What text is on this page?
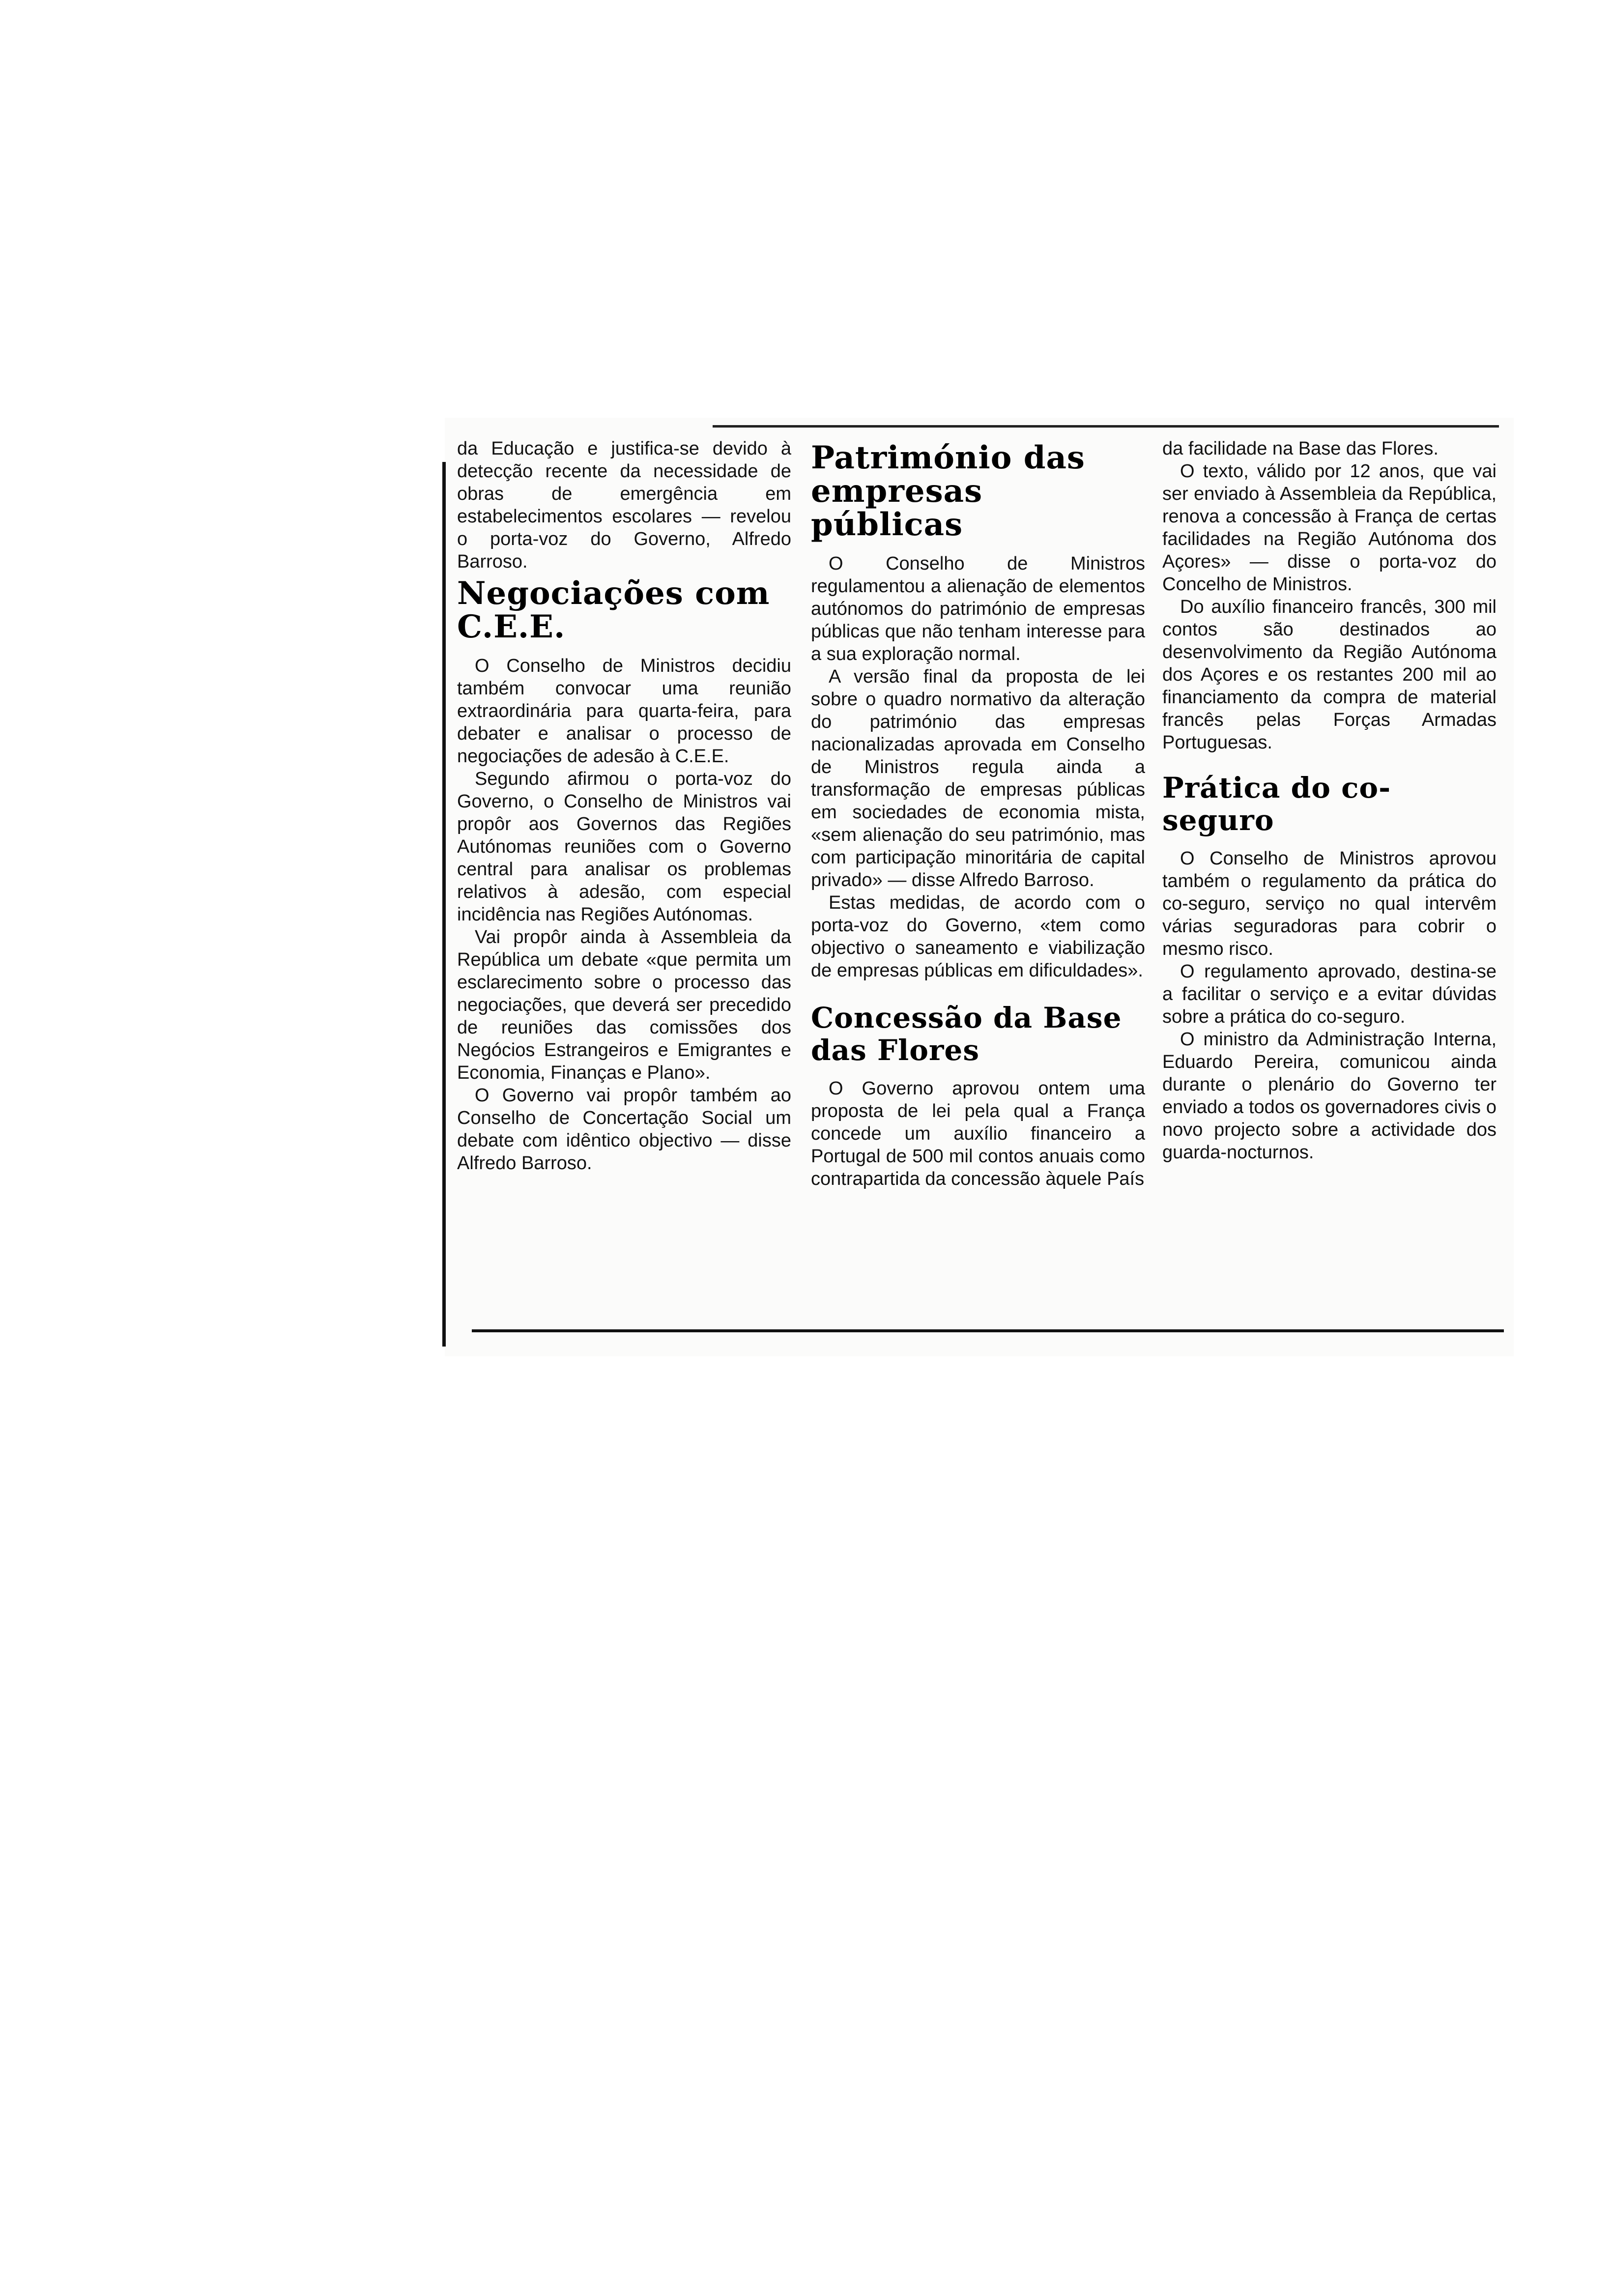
da Educação e justifica-se devido à detecção recente da necessidade de obras de emergência em estabelecimentos escolares — revelou o porta-voz do Governo, Alfredo Barroso.

Negociações com C.E.E.

O Conselho de Ministros decidiu também convocar uma reunião extraordinária para quarta-feira, para debater e analisar o processo de negociações de adesão à C.E.E.

Segundo afirmou o porta-voz do Governo, o Conselho de Ministros vai propôr aos Governos das Regiões Autónomas reuniões com o Governo central para analisar os problemas relativos à adesão, com especial incidência nas Regiões Autónomas.

Vai propôr ainda à Assembleia da República um debate «que permita um esclarecimento sobre o processo das negociações, que deverá ser precedido de reuniões das comissões dos Negócios Estrangeiros e Emigrantes e Economia, Finanças e Plano».

O Governo vai propôr também ao Conselho de Concertação Social um debate com idêntico objectivo — disse Alfredo Barroso.

Património das empresas públicas

O Conselho de Ministros regulamentou a alienação de elementos autónomos do património de empresas públicas que não tenham interesse para a sua exploração normal.

A versão final da proposta de lei sobre o quadro normativo da alteração do património das empresas nacionalizadas aprovada em Conselho de Ministros regula ainda a transformação de empresas públicas em sociedades de economia mista, «sem alienação do seu património, mas com participação minoritária de capital privado» — disse Alfredo Barroso.

Estas medidas, de acordo com o porta-voz do Governo, «tem como objectivo o saneamento e viabilização de empresas públicas em dificuldades».

Concessão da Base das Flores

O Governo aprovou ontem uma proposta de lei pela qual a França concede um auxílio financeiro a Portugal de 500 mil contos anuais como contrapartida da concessão àquele País

da facilidade na Base das Flores.

O texto, válido por 12 anos, que vai ser enviado à Assembleia da República, renova a concessão à França de certas facilidades na Região Autónoma dos Açores» — disse o porta-voz do Concelho de Ministros.

Do auxílio financeiro francês, 300 mil contos são destinados ao desenvolvimento da Região Autónoma dos Açores e os restantes 200 mil ao financiamento da compra de material francês pelas Forças Armadas Portuguesas.

Prática do co-seguro

O Conselho de Ministros aprovou também o regulamento da prática do co-seguro, serviço no qual intervêm várias seguradoras para cobrir o mesmo risco.

O regulamento aprovado, destina-se a facilitar o serviço e a evitar dúvidas sobre a prática do co-seguro.

O ministro da Administração Interna, Eduardo Pereira, comunicou ainda durante o plenário do Governo ter enviado a todos os governadores civis o novo projecto sobre a actividade dos guarda-nocturnos.
